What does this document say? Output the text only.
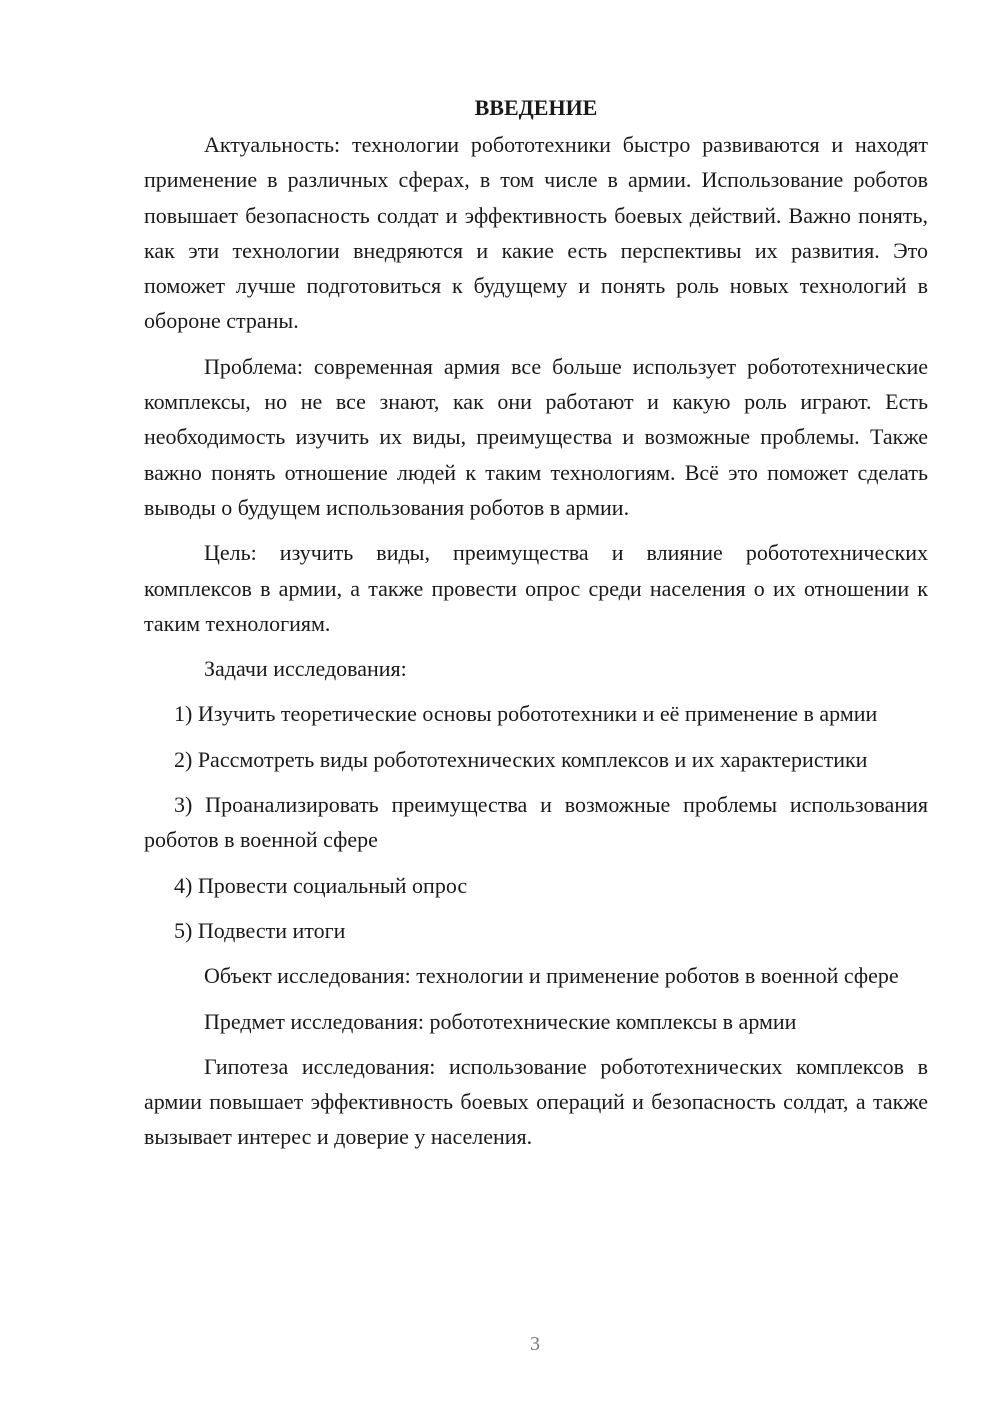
ВВЕДЕНИЕ

Актуальность: технологии робототехники быстро развиваются и находят применение в различных сферах, в том числе в армии. Использование роботов повышает безопасность солдат и эффективность боевых действий. Важно понять, как эти технологии внедряются и какие есть перспективы их развития. Это поможет лучше подготовиться к будущему и понять роль новых технологий в обороне страны.

Проблема: современная армия все больше использует робототехнические комплексы, но не все знают, как они работают и какую роль играют. Есть необходимость изучить их виды, преимущества и возможные проблемы. Также важно понять отношение людей к таким технологиям. Всё это поможет сделать выводы о будущем использования роботов в армии.

Цель: изучить виды, преимущества и влияние робототехнических комплексов в армии, а также провести опрос среди населения о их отношении к таким технологиям.

Задачи исследования:

1) Изучить теоретические основы робототехники и её применение в армии

2) Рассмотреть виды робототехнических комплексов и их характеристики

3) Проанализировать преимущества и возможные проблемы использования роботов в военной сфере

4) Провести социальный опрос

5) Подвести итоги

Объект исследования: технологии и применение роботов в военной сфере

Предмет исследования: робототехнические комплексы в армии

Гипотеза исследования: использование робототехнических комплексов в армии повышает эффективность боевых операций и безопасность солдат, а также вызывает интерес и доверие у населения.

3
